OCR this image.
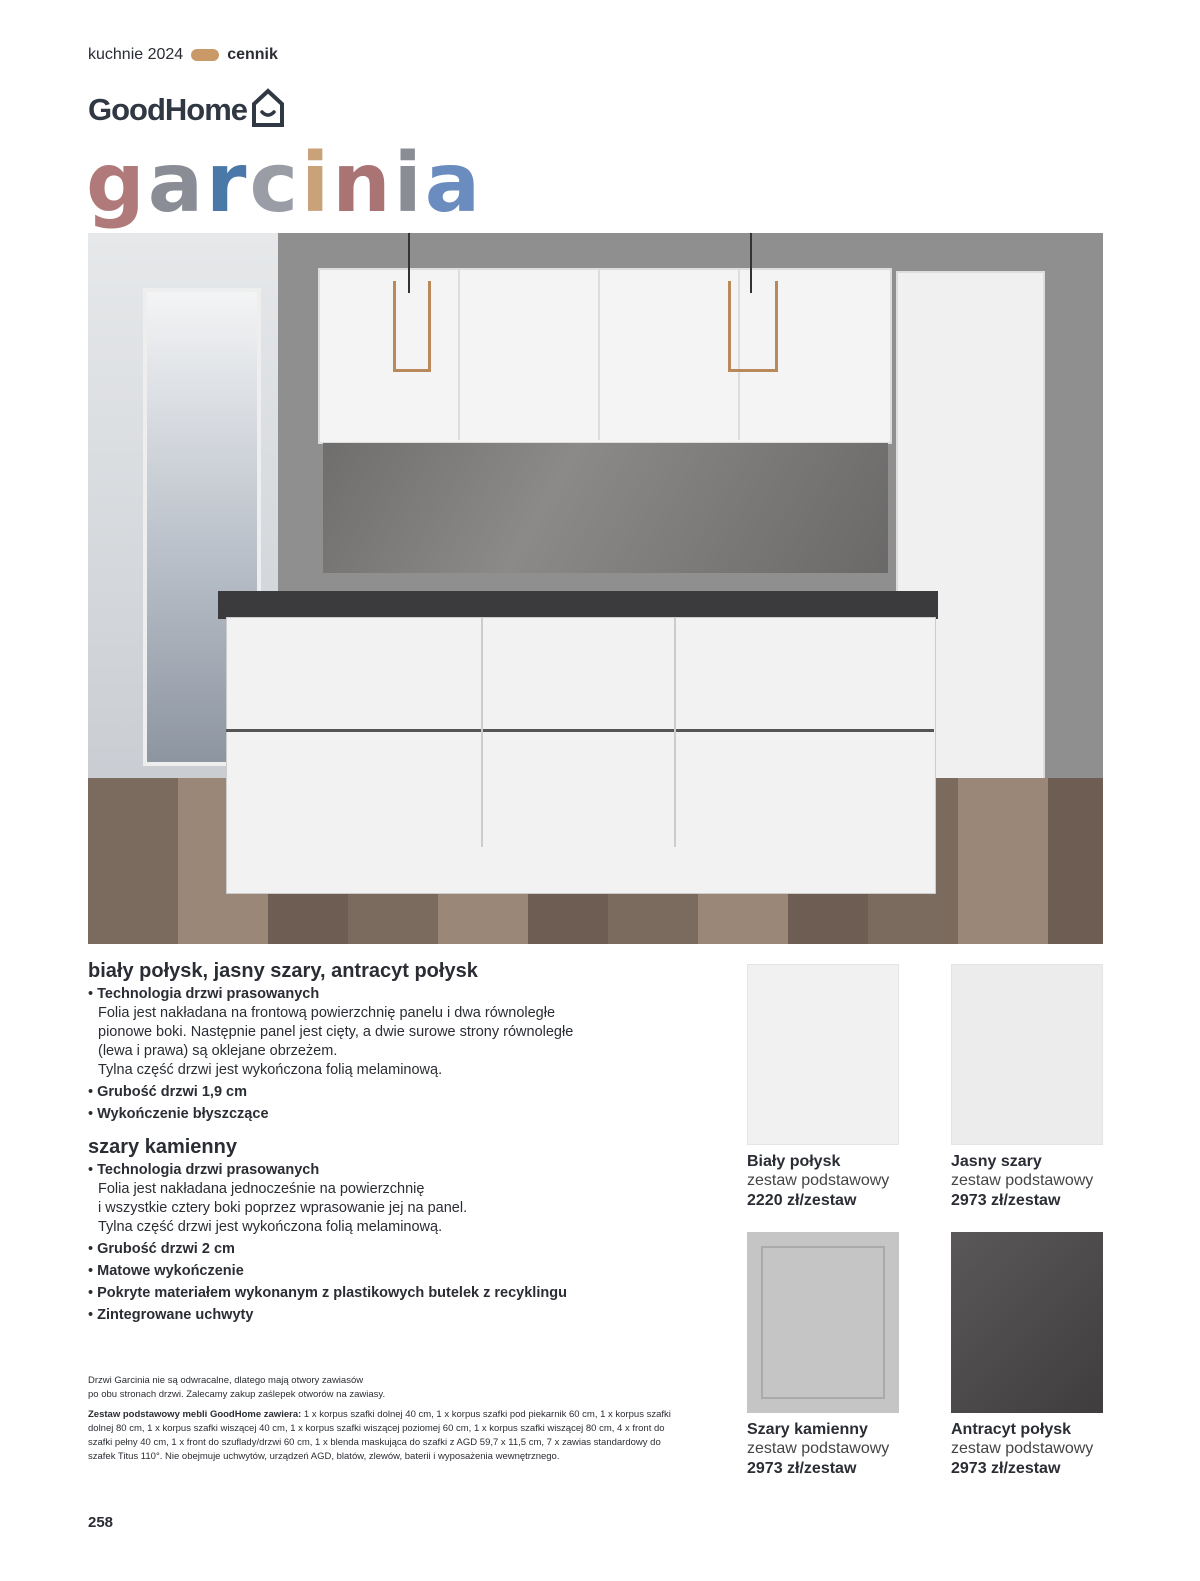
kuchnie 2024	cennik
GoodHome
garcinia
biały połysk, jasny szary, antracyt połysk
• Technologia drzwi prasowanych
Folia jest nakładana na frontową powierzchnię panelu i dwa równoległe
pionowe boki. Następnie panel jest cięty, a dwie surowe strony równoległe
(lewa i prawa) są oklejane obrzeżem.
Tylna część drzwi jest wykończona folią melaminową.
• Grubość drzwi 1,9 cm
• Wykończenie błyszczące
szary kamienny
• Technologia drzwi prasowanych
Folia jest nakładana jednocześnie na powierzchnię
i wszystkie cztery boki poprzez wprasowanie jej na panel.
Tylna część drzwi jest wykończona folią melaminową.
• Grubość drzwi 2 cm
• Matowe wykończenie
• Pokryte materiałem wykonanym z plastikowych butelek z recyklingu
• Zintegrowane uchwyty
Drzwi Garcinia nie są odwracalne, dlatego mają otwory zawiasów
po obu stronach drzwi. Zalecamy zakup zaślepek otworów na zawiasy.
Zestaw podstawowy mebli GoodHome zawiera: 1 x korpus szafki dolnej 40 cm, 1 x korpus szafki pod piekarnik 60 cm, 1 x korpus szafki dolnej 80 cm, 1 x korpus szafki wiszącej 40 cm, 1 x korpus szafki wiszącej poziomej 60 cm, 1 x korpus szafki wiszącej 80 cm, 4 x front do szafki pełny 40 cm, 1 x front do szuflady/drzwi 60 cm, 1 x blenda maskująca do szafki z AGD 59,7 x 11,5 cm, 7 x zawias standardowy do szafek Titus 110°. Nie obejmuje uchwytów, urządzeń AGD, blatów, zlewów, baterii i wyposażenia wewnętrznego.
258
Biały połysk
zestaw podstawowy
2220 zł/zestaw
Jasny szary
zestaw podstawowy
2973 zł/zestaw
Szary kamienny
zestaw podstawowy
2973 zł/zestaw
Antracyt połysk
zestaw podstawowy
2973 zł/zestaw
